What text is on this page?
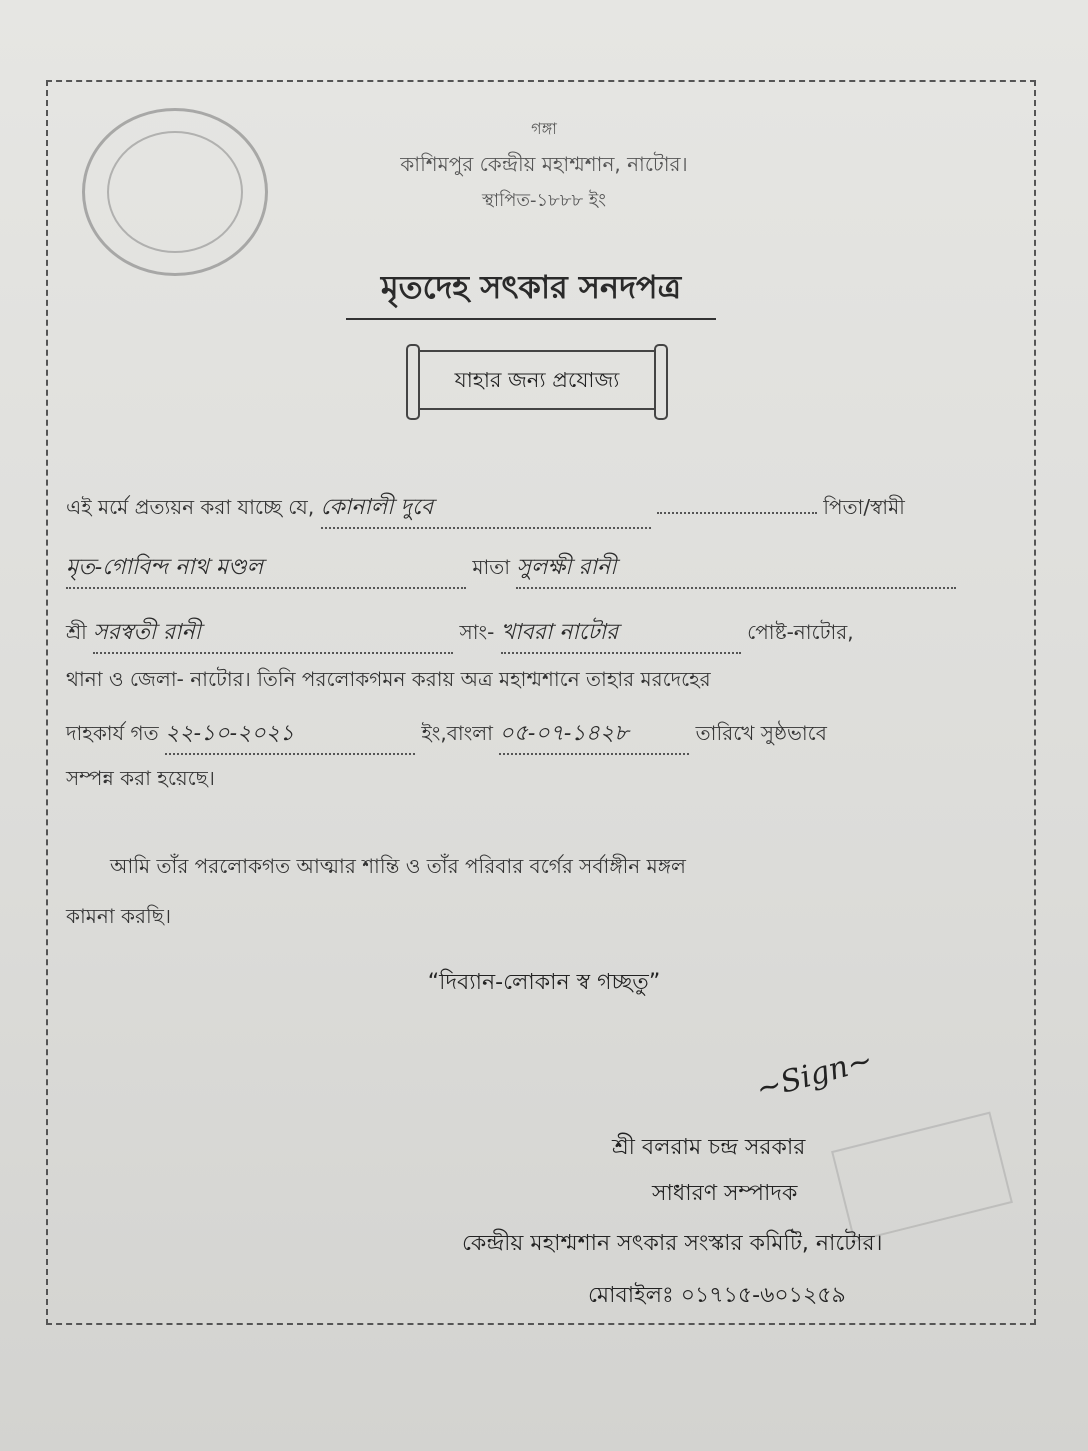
গঙ্গা
কাশিমপুর কেন্দ্রীয় মহাশ্মশান, নাটোর।
স্থাপিত-১৮৮৮ ইং
মৃতদেহ সৎকার সনদপত্র
যাহার জন্য প্রযোজ্য
এই মর্মে প্রত্যয়ন করা যাচ্ছে যে, কোনালী দুবে	পিতা/স্বামী
মৃত-গোবিন্দ নাথ মণ্ডল	মাতা সুলক্ষী রানী
শ্রী সরস্বতী রানী	সাং- খাবরা নাটোর	পোষ্ট-নাটোর,
থানা ও জেলা- নাটোর। তিনি পরলোকগমন করায় অত্র মহাশ্মশানে তাহার মরদেহের
দাহকার্য গত ২২-১০-২০২১	ইং,বাংলা ০৫-০৭-১৪২৮	তারিখে সুষ্ঠভাবে
সম্পন্ন করা হয়েছে।
আমি তাঁর পরলোকগত আত্মার শান্তি ও তাঁর পরিবার বর্গের সর্বাঙ্গীন মঙ্গল
কামনা করছি।
“দিব্যান-লোকান স্ব গচ্ছতু”
~Sign~
শ্রী বলরাম চন্দ্র সরকার
সাধারণ সম্পাদক
কেন্দ্রীয় মহাশ্মশান সৎকার সংস্কার কমিটি, নাটোর।
মোবাইলঃ ০১৭১৫-৬০১২৫৯
